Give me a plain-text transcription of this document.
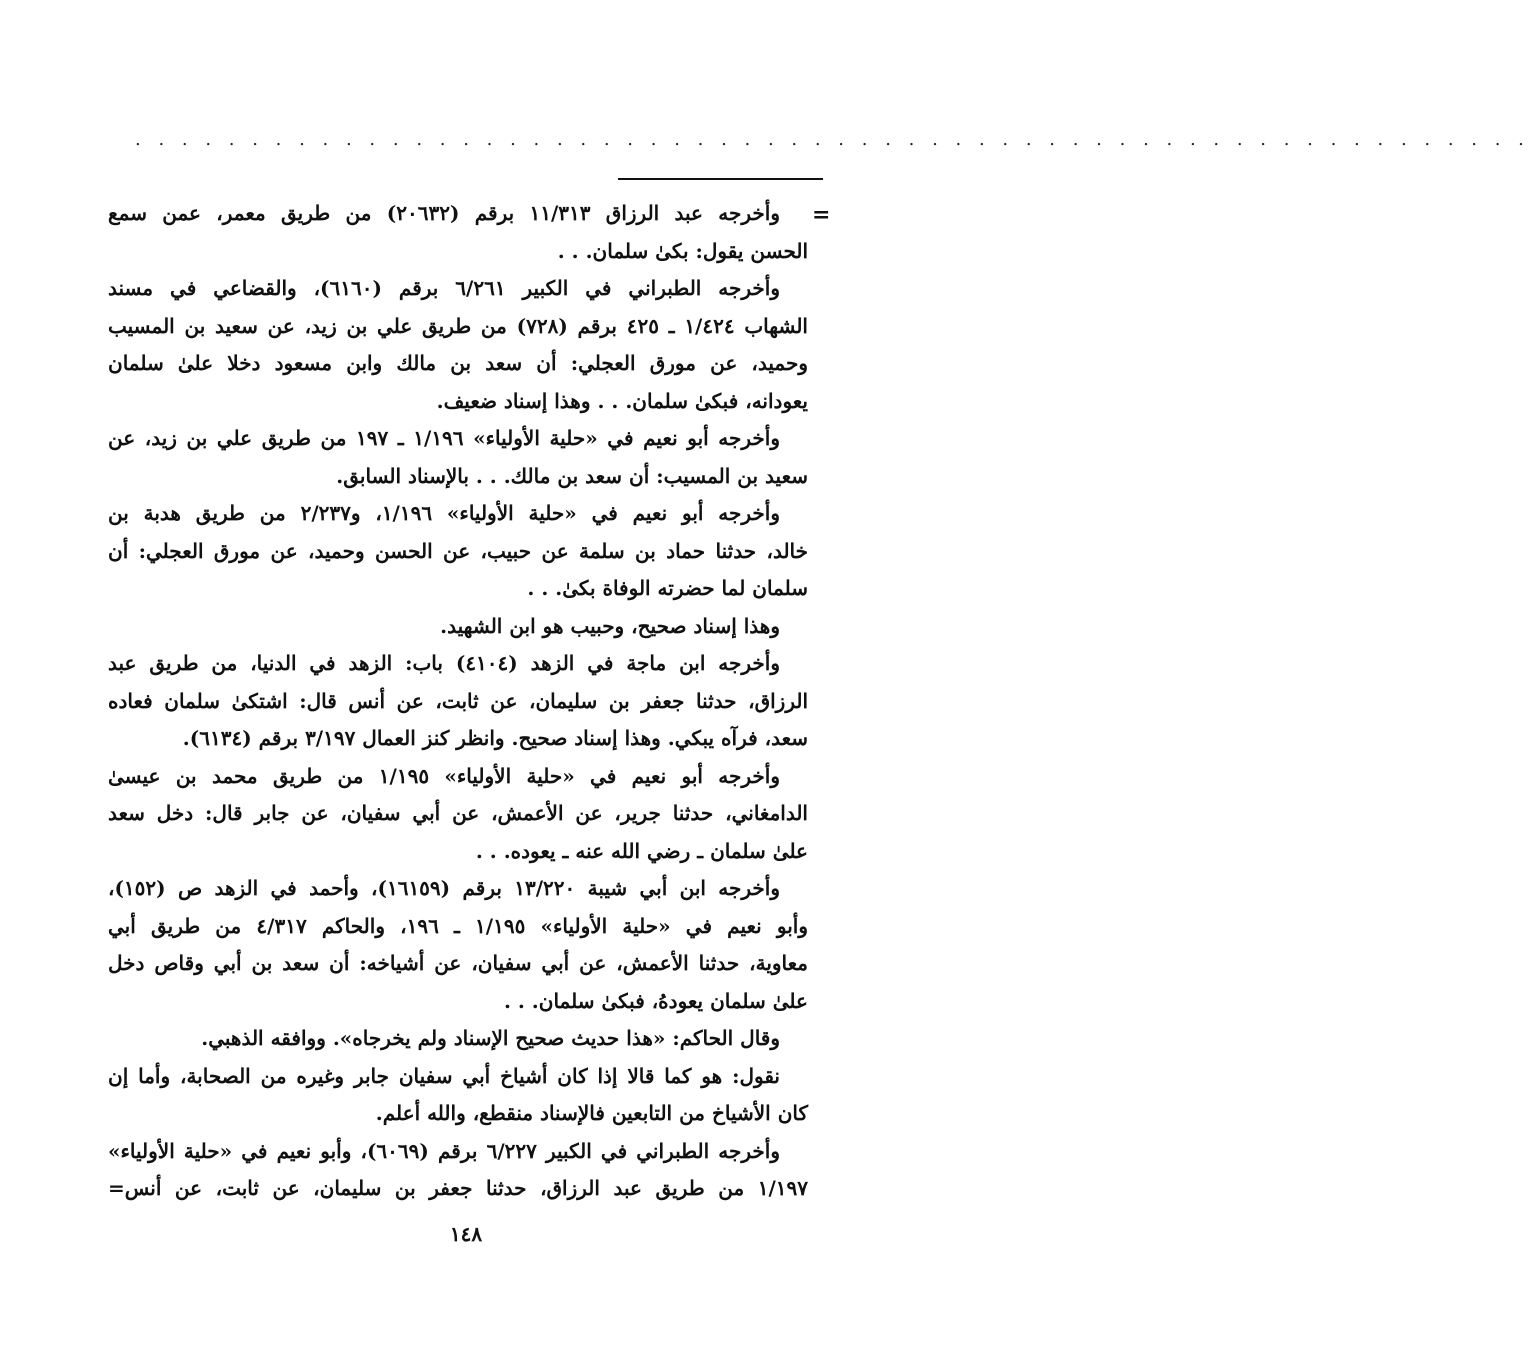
. . . . . . . . . . . . . . . . . . . . . . . . . . . . . . . . . . . . . . . . . . . . . . . . . . . . . . . . . . . .
=
وأخرجه عبد الرزاق ١١/٣١٣ برقم (٢٠٦٣٢) من طريق معمر، عمن سمع
الحسن يقول: بكىٰ سلمان. . .
وأخرجه الطبراني في الكبير ٦/٢٦١ برقم (٦١٦٠)، والقضاعي في مسند
الشهاب ١/٤٢٤ ـ ٤٢٥ برقم (٧٢٨) من طريق علي بن زيد، عن سعيد بن المسيب
وحميد، عن مورق العجلي: أن سعد بن مالك وابن مسعود دخلا علىٰ سلمان
يعودانه، فبكىٰ سلمان. . . وهذا إسناد ضعيف.
وأخرجه أبو نعيم في «حلية الأولياء» ١/١٩٦ ـ ١٩٧ من طريق علي بن زيد، عن
سعيد بن المسيب: أن سعد بن مالك. . . بالإسناد السابق.
وأخرجه أبو نعيم في «حلية الأولياء» ١/١٩٦، و٢/٢٣٧ من طريق هدبة بن
خالد، حدثنا حماد بن سلمة عن حبيب، عن الحسن وحميد، عن مورق العجلي: أن
سلمان لما حضرته الوفاة بكىٰ. . .
وهذا إسناد صحيح، وحبيب هو ابن الشهيد.
وأخرجه ابن ماجة في الزهد (٤١٠٤) باب: الزهد في الدنيا، من طريق عبد
الرزاق، حدثنا جعفر بن سليمان، عن ثابت، عن أنس قال: اشتكىٰ سلمان فعاده
سعد، فرآه يبكي. وهذا إسناد صحيح. وانظر كنز العمال ٣/١٩٧ برقم (٦١٣٤).
وأخرجه أبو نعيم في «حلية الأولياء» ١/١٩٥ من طريق محمد بن عيسىٰ
الدامغاني، حدثنا جرير، عن الأعمش، عن أبي سفيان، عن جابر قال: دخل سعد
علىٰ سلمان ـ رضي الله عنه ـ يعوده. . .
وأخرجه ابن أبي شيبة ١٣/٢٢٠ برقم (١٦١٥٩)، وأحمد في الزهد ص (١٥٢)،
وأبو نعيم في «حلية الأولياء» ١/١٩٥ ـ ١٩٦، والحاكم ٤/٣١٧ من طريق أبي
معاوية، حدثنا الأعمش، عن أبي سفيان، عن أشياخه: أن سعد بن أبي وقاص دخل
علىٰ سلمان يعودهُ، فبكىٰ سلمان. . .
وقال الحاكم: «هذا حديث صحيح الإسناد ولم يخرجاه». ووافقه الذهبي.
نقول: هو كما قالا إذا كان أشياخ أبي سفيان جابر وغيره من الصحابة، وأما إن
كان الأشياخ من التابعين فالإسناد منقطع، والله أعلم.
وأخرجه الطبراني في الكبير ٦/٢٢٧ برقم (٦٠٦٩)، وأبو نعيم في «حلية الأولياء»
١/١٩٧ من طريق عبد الرزاق، حدثنا جعفر بن سليمان، عن ثابت، عن أنس=
١٤٨
